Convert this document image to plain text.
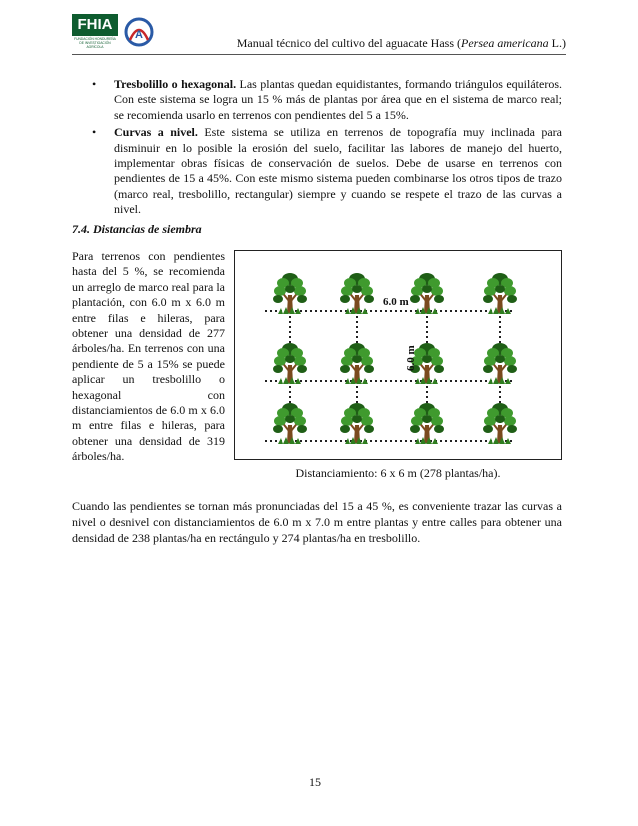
FHIA
FUNDACIÓN HONDUREÑA DE INVESTIGACIÓN AGRÍCOLA
A
Manual técnico del cultivo del aguacate Hass (Persea americana L.)
• Tresbolillo o hexagonal. Las plantas quedan equidistantes, formando triángulos equiláteros. Con este sistema se logra un 15 % más de plantas por área que en el sistema de marco real; se recomienda usarlo en terrenos con pendientes del 5 a 15%.
• Curvas a nivel. Este sistema se utiliza en terrenos de topografía muy inclinada para disminuir en lo posible la erosión del suelo, facilitar las labores de manejo del huerto, implementar obras físicas de conservación de suelos. Debe de usarse en terrenos con pendientes de 15 a 45%. Con este mismo sistema pueden combinarse los otros tipos de trazo (marco real, tresbolillo, rectangular) siempre y cuando se respete el trazo de las curvas a nivel.
7.4. Distancias de siembra
Para terrenos con pendientes hasta del 5 %, se recomienda un arreglo de marco real para la plantación, con 6.0 m x 6.0 m entre filas e hileras, para obtener una densidad de 277 árboles/ha. En terrenos con una pendiente de 5 a 15% se puede aplicar un tresbolillo o hexagonal con distanciamientos de 6.0 m x 6.0 m entre filas e hileras, para obtener una densidad de 319 árboles/ha.
6.0 m
6.0 m
Distanciamiento: 6 x 6 m (278 plantas/ha).
Cuando las pendientes se tornan más pronunciadas del 15 a 45 %, es conveniente trazar las curvas a nivel o desnivel con distanciamientos de 6.0 m x 7.0 m entre plantas y entre calles para obtener una densidad de 238 plantas/ha en rectángulo y 274 plantas/ha en tresbolillo.
15
